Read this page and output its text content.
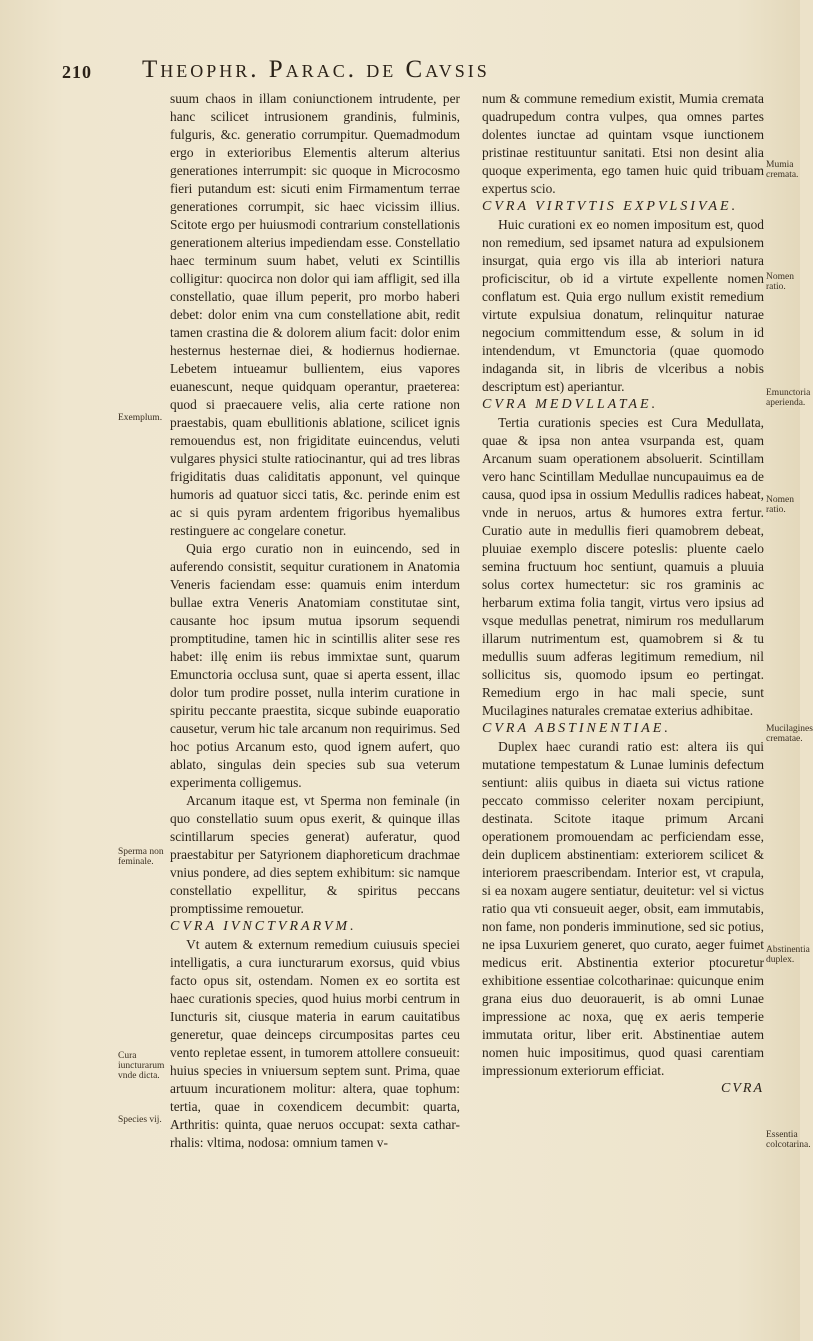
210 Theophr. Parac. de Cavsis

suum chaos in illam coniunctionem intrudente, per hanc scilicet intrusionem grandinis, fulminis, fulguris, &c. generatio corrumpitur. Quemadmodum ergo in exterioribus Elementis alterum alterius generationes interrumpit: sic quoque in Microcosmo fieri putandum est: sicuti enim Firmamentum terrae generationes corrumpit, sic haec vicissim illius. Scitote ergo per huiusmodi contrarium constellationis generationem alterius impediendam esse. Constellatio haec terminum suum habet, veluti ex Scintillis colligitur: quocirca non dolor qui iam affligit, sed illa constellatio, quae illum peperit, pro morbo haberi debet: dolor enim vna cum constellatione abit, redit tamen crastina die & dolorem alium facit: dolor enim hesternus hesternae diei, & hodiernus hodiernae. Lebetem intueamur bullientem, eius vapores euanescunt, neque quidquam operantur, praeterea: quod si praecauere velis, alia certe ratione non praestabis, quam ebullitionis ablatione, scilicet ignis remouendus est, non frigiditate euincendus, veluti vulgares physici stulte ratiocinantur, qui ad tres libras frigiditatis duas caliditatis apponunt, vel quinque humoris ad quatuor sicci tatis, &c. perinde enim est ac si quis pyram ardentem frigoribus hyemalibus restinguere ac congelare conetur.

Quia ergo curatio non in euincendo, sed in auferendo consistit, sequitur curationem in Anatomia Veneris faciendam esse: quamuis enim interdum bullae extra Veneris Anatomiam constitutae sint, causante hoc ipsum mutua ipsorum sequendi promptitudine, tamen hic in scintillis aliter sese res habet: illę enim iis rebus immixtae sunt, quarum Emunctoria occlusa sunt, quae si aperta essent, illac dolor tum prodire posset, nulla interim curatione in spiritu peccante praestita, sicque subinde euaporatio causetur, verum hic tale arcanum non requirimus. Sed hoc potius Arcanum esto, quod ignem aufert, quo ablato, singulas dein species sub sua veterum experimenta colligemus.

Arcanum itaque est, vt Sperma non feminale (in quo constellatio suum opus exerit, & quinque illas scintillarum species generat) auferatur, quod praestabitur per Satyrionem diaphoreticum drachmae vnius pondere, ad dies septem exhibitum: sic namque constellatio expellitur, & spiritus peccans promptissime remouetur.

CVRA IVNCTVRARVM.

Vt autem & externum remedium cuiusuis speciei intelligatis, a cura iuncturarum exorsus, quid vbius facto opus sit, ostendam. Nomen ex eo sortita est haec curationis species, quod huius morbi centrum in Iuncturis sit, ciusque materia in earum cauitatibus generetur, quae deinceps circumpositas partes ceu vento repletae essent, in tumorem attollere consueuit: huius species in vniuersum septem sunt. Prima, quae artuum incurationem molitur: altera, quae tophum: tertia, quae in coxendicem decumbit: quarta, Arthritis: quinta, quae neruos occupat: sexta cathar-rhalis: vltima, nodosa: omnium tamen v-

num & commune remedium existit, Mumia cremata quadrupedum contra vulpes, qua omnes partes dolentes iunctae ad quintam vsque iunctionem pristinae restituuntur sanitati. Etsi non desint alia quoque experimenta, ego tamen huic quid tribuam expertus scio.

CVRA VIRTVTIS EXPVLSIVAE.

Huic curationi ex eo nomen impositum est, quod non remedium, sed ipsamet natura ad expulsionem insurgat, quia ergo vis illa ab interiori natura proficiscitur, ob id a virtute expellente nomen conflatum est. Quia ergo nullum existit remedium virtute expulsiua donatum, relinquitur naturae negocium committendum esse, & solum in id intendendum, vt Emunctoria (quae quomodo indaganda sit, in libris de vlceribus a nobis descriptum est) aperiantur.

CVRA MEDVLLATAE.

Tertia curationis species est Cura Medullata, quae & ipsa non antea vsurpanda est, quam Arcanum suam operationem absoluerit. Scintillam vero hanc Scintillam Medullae nuncupauimus ea de causa, quod ipsa in ossium Medullis radices habeat, vnde in neruos, artus & humores extra fertur. Curatio aute in medullis fieri quamobrem debeat, pluuiae exemplo discere poteslis: pluente caelo semina fructuum hoc sentiunt, quamuis a pluuia solus cortex humectetur: sic ros graminis ac herbarum extima folia tangit, virtus vero ipsius ad vsque medullas penetrat, nimirum ros medullarum illarum nutrimentum est, quamobrem si & tu medullis suum adferas legitimum remedium, nil sollicitus sis, quomodo ipsum eo pertingat. Remedium ergo in hac mali specie, sunt Mucilagines naturales crematae exterius adhibitae.

CVRA ABSTINENTIAE.

Duplex haec curandi ratio est: altera iis qui mutatione tempestatum & Lunae luminis defectum sentiunt: aliis quibus in diaeta sui victus ratione peccato commisso celeriter noxam percipiunt, destinata. Scitote itaque primum Arcani operationem promouendam ac perficiendam esse, dein duplicem abstinentiam: exteriorem scilicet & interiorem praescribendam. Interior est, vt crapula, si ea noxam augere sentiatur, deuitetur: vel si victus ratio qua vti consueuit aeger, obsit, eam immutabis, non fame, non ponderis imminutione, sed sic potius, ne ipsa Luxuriem generet, quo curato, aeger fuimet medicus erit. Abstinentia exterior ptocuretur exhibitione essentiae colcotharinae: quicunque enim grana eius duo deuorauerit, is ab omni Lunae impressione ac noxa, quę ex aeris temperie immutata oritur, liber erit. Abstinentiae autem nomen huic impositimus, quod quasi carentiam impressionum exteriorum efficiat.

CVRA

Exemplum.
Sperma non feminale.
Cura iuncturarum vnde dicta.
Species vij.
Mumia cremata.
Nomen ratio.
Emunctoria aperienda.
Nomen ratio.
Mucilagines crematae.
Abstinentia duplex.
Essentia colcotarina.
